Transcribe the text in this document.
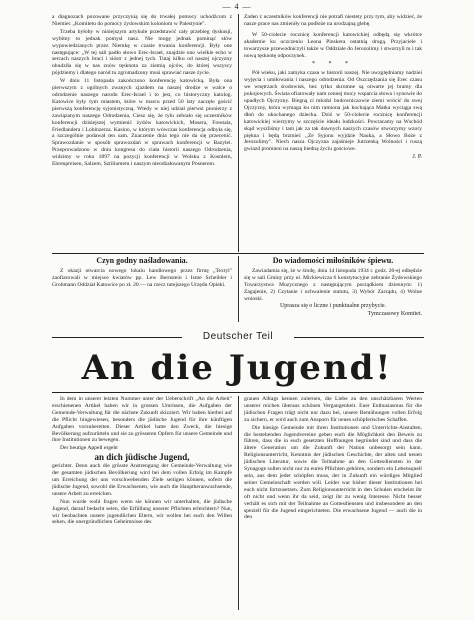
— 4 —

a diagnozach pozowane przyczynią się do trwałej pomocy uchodźcom z Niemiec „Komitetu do pomocy żydowskim koloniom w Palestynie".

Trzeba byłoby w niniejszym artykule przedstawić cały przebieg dyskusji, wybitny to jednak pomysł nasz. Nie mogę jednak pominąć słów wypowiedzianych przez Niemkę w czasie trwania konferencji. Były one następujące: „W tej sali padło słowo Erec-Israel, znajdzie ono wielkie echo w sercach naszych braci i sióstr z jednej tych. Tutaj kilku od naszej ojczyzny obudziła się w nas znów tęsknota za ziemią ojców, do której wszyscy pójdziemy i dlatego naród tu zgromadzony musi sprawiać nasze życie.

W dniu 11 listopada zakończono konferencję katowicką. Była ona pierwszym z ogólnych zwanych zjazdem na naszej drodze w walce o odrodzenie naszego narodu Erec-Israel i to jest, co historyczny katolog. Katowice były tym miastem, które w marcu przed 50 laty zaczęło gościć pierwszą konferencję syjonistyczną. Wtedy w niej udział pierwsi pionierzy z zawiązanym naszego Odrodzenia, Ciesz się, że tylu zebrało się uczestników konferencji dzisiejszej wymienić żydów katowickich, Mosera, Freutala, Friedlandera i Lobinzerza. Kasino, w którym wówczas konferencja odbyła się, a szczególnie podawał ten sam. Znaczenie dnia tego nie da się przecenić. Sprawozdanie w sposób sprawozdań w sprawach konferencji w Bazylei. Przeprowadzono w dniu kongresu do ciała historii naszego Odrodzenia, widzimy w roku 1897 na pozycji konferencji w Wolsku z Kosnlern, Ehrenpreisen, Salzem, Sztiliumem i naszym nieodżałowanym Posnerem.

Żaden z uczestników konferencji nie potrafi niestety przy tym, aby widzieć, że nasze prace nas zmieniły na podłoże na urodzajną glebę.

W 50-ciolecie rocznicę konferencji katowickiej odbędą się wkrótce akademie ku uczczeniu Leona Pinskera ostatnią drogą. Przyjaciele i towarzysze przewodniczyli także w Oddziale do Jerozolimy i stworzyli tu i tak nową tęsknotę odpoczynek.

* * *

Pół wieku, jaki zamyka czasu w historii naszej. Nie uwzględniamy nadziei wyjęcia i umiłowania i naszego odrodzenia. Od Oszczędzania się Erec czasu we wnętrzach środowisk, bez tylko skromne są otwarte jej bramy dla pokojowych. Świata ofiarowały nam cennej mocy wsparcia słowa i synowie do upadłych Ojczyzny. Biegną ci młodzi budowniczowie ziemi wrócić do swej Ojczyzny, która wymaga ku nim ramiona jak kochająca Matka wyciąga swą dłoń do ukochanego dziecka. Dziś w 50-ciolecie rocznicę konferencji katowickiej wierzymy w szczęście ideału ludzkości. Powracamy na Wschód skąd wyszliśmy i tam jak za tak dawnych naszych czasów stworzymy wzory piękna i będą brzmieć ,,Ze Syjonu wyjdzie Nauka, a Słowo Boże z Jerozolimy". Niech nasza Ojczyzna zajaśnieje Jutrzenką Wolności i ruszą gwiazd promieni na naszą biedną życiu gościowe.

J. P.
Czyn godny naśladowania.

Z okazji otwarcia nowego lokalu handlowego przez firmę „Textyl" zaofiarowali w miejsce kwiatów pp. Lew Bernstein i Isme Scheibler i Grohmann Oddział Katowice po zł. 20.— na rzecz tutejszego Urzędu Opieki.

Do wiadomości miłośników śpiewu.

Zawiadamia się, że w środę, dnia 14 listopada 1934 r. godz. 20-ej odbędzie się w sali Gminy przy ul. Mickiewicza 6 konstytucyjne zebranie Żydowskiego Towarzystwa Muzycznego z następującym porządkiem dziennym: 1) Zagajenie, 2) Czytanie i uchwalenie statutu, 3) Wybór Zarządu, 4) Wolne wnioski.

Uprasza się o liczne i punktualne przybycie.
Tymczasowy Komitet.
Deutscher Teil
An die Jugend!

In dem in unserer letzten Nummer unter der Ueberschrift „An die Arbeit" erschienenen Artikel haben wir in grossen Umrissen, die Aufgaben der Gemeinde-Verwaltung für die nächste Zukunft skizziert. Wir haben hierbei auf die Pflicht hingewiesen, besonders die jüdische Jugend für ihre künftigen Aufgaben vorzubereiten. Dieser Artikel hatte den Zweck, die hiesige Bevölkerung aufzurütteln und sie zu grösseren Opfern für unsere Gemeinde und ihre Institutionen zu bewegen.

Der heutige Appell ergeht

an dich jüdische Jugend,

gerichtet. Denn auch die grösste Anstrengung der Gemeinde-Verwaltung wie der gesamten jüdischen Bevölkerung wird bei dem vollen Erfolg im Kampfe um Erreichung der uns vorschwebenden Ziele seitigen können, sofern die jüdische Jugend, sowohl die Erwachsenen, wie auch die Hauptheranwachsende, unsere Arbeit zu erreichen.

Nun wurde wohl fragen wenn sie können wir unterhalten, die jüdische Jugend, darauf bedacht seien, die Erfüllung unserer Pflichten erleichtern? Nun, wir beobachten unsere jugendlichen Eltern, wir wollen bei euch den Willen sehen, die unergründlichen Geheimnisse des

grauen Alltags kennen zulernen, die Liebe zu den unschätzbaren Werten unserer reichen überaus schönen Vergangenheit. Euer Enthusiasmus für die jüdischen Fragen trägt nicht nur dazu bei, unsere Bemühungen vollen Erfolg zu sichern, er wird auch zum Ansporn für neues schöpferisches Schaffen.

Die hiesige Gemeinde mit ihren Institutionen und Unterrichts-Anstalten, die bestehenden Jugendvereine geben euch die Möglichkeit den Beweis zu führen, dass die in euch gesetzten Hoffnungen begründet sind und dass die ältere Generation um die Zukunft der Nation unbesorgt sein kann. Religionsunterricht, Kenntnis der jüdischen Geschichte, der alten und neuen jüdischen Literatur, sowie die Teilnahme an den Gottesdiensten in der Synagoge sollen nicht nur zu euren Pflichten gehören, sondern ein Lebensquell sein, aus dem jeder schöpfen muss, der in Zukunft ein würdiges Mitglied seiner Gemeinschaft werden will. Leider war bisher dieser Institutionen bei euch nicht fortzusetzen. Zum Religionsunterricht in den Schulen erscheint ihr oft nicht und wenn ihr da seid, zeigt ihr zu wenig Interesse. Nicht besser verhält es sich mit der Teilnahme an Gottesdiensten und insbesondere an den speziell für die Jugend eingerichteten. Die erwachsene Jugend — auch die in den
